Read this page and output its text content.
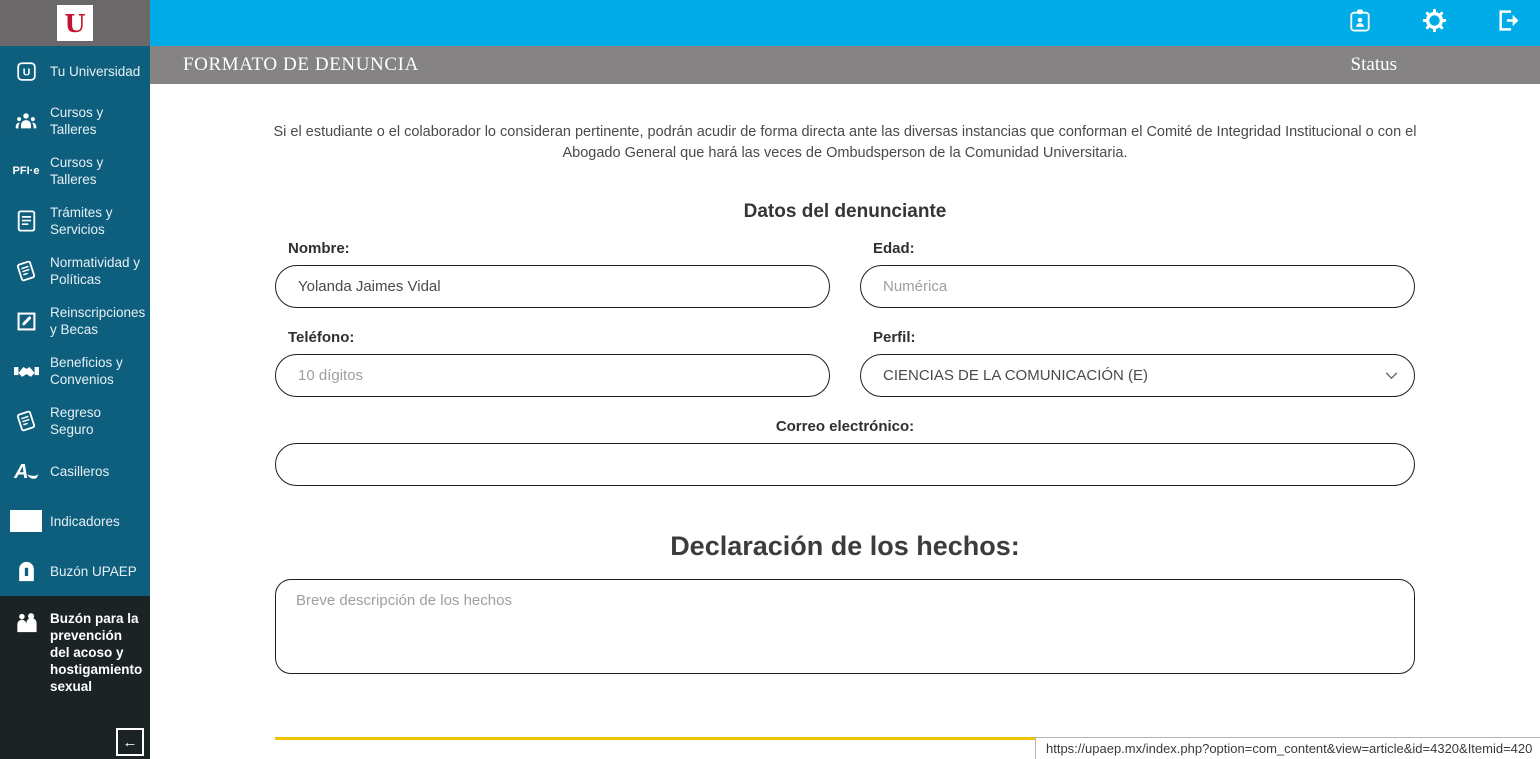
U
U Tu Universidad
Cursos y Talleres
PFI·e
Cursos y Talleres
Trámites y Servicios
Normatividad y Políticas
Reinscripciones y Becas
Beneficios y Convenios
Regreso Seguro
A Casilleros
Indicadores
Buzón UPAEP
Buzón para la prevención del acoso y hostigamiento sexual
←
FORMATO DE DENUNCIA	Status

Si el estudiante o el colaborador lo consideran pertinente, podrán acudir de forma directa ante las diversas instancias que conforman el Comité de Integridad Institucional o con el Abogado General que hará las veces de Ombudsperson de la Comunidad Universitaria.

Datos del denunciante
Nombre:
Yolanda Jaimes Vidal	Edad:
Numérica
Teléfono:
10 dígitos	Perfil:
CIENCIAS DE LA COMUNICACIÓN (E)
Correo electrónico:
Declaración de los hechos:
Breve descripción de los hechos
https://upaep.mx/index.php?option=com_content&view=article&id=4320&Itemid=420
